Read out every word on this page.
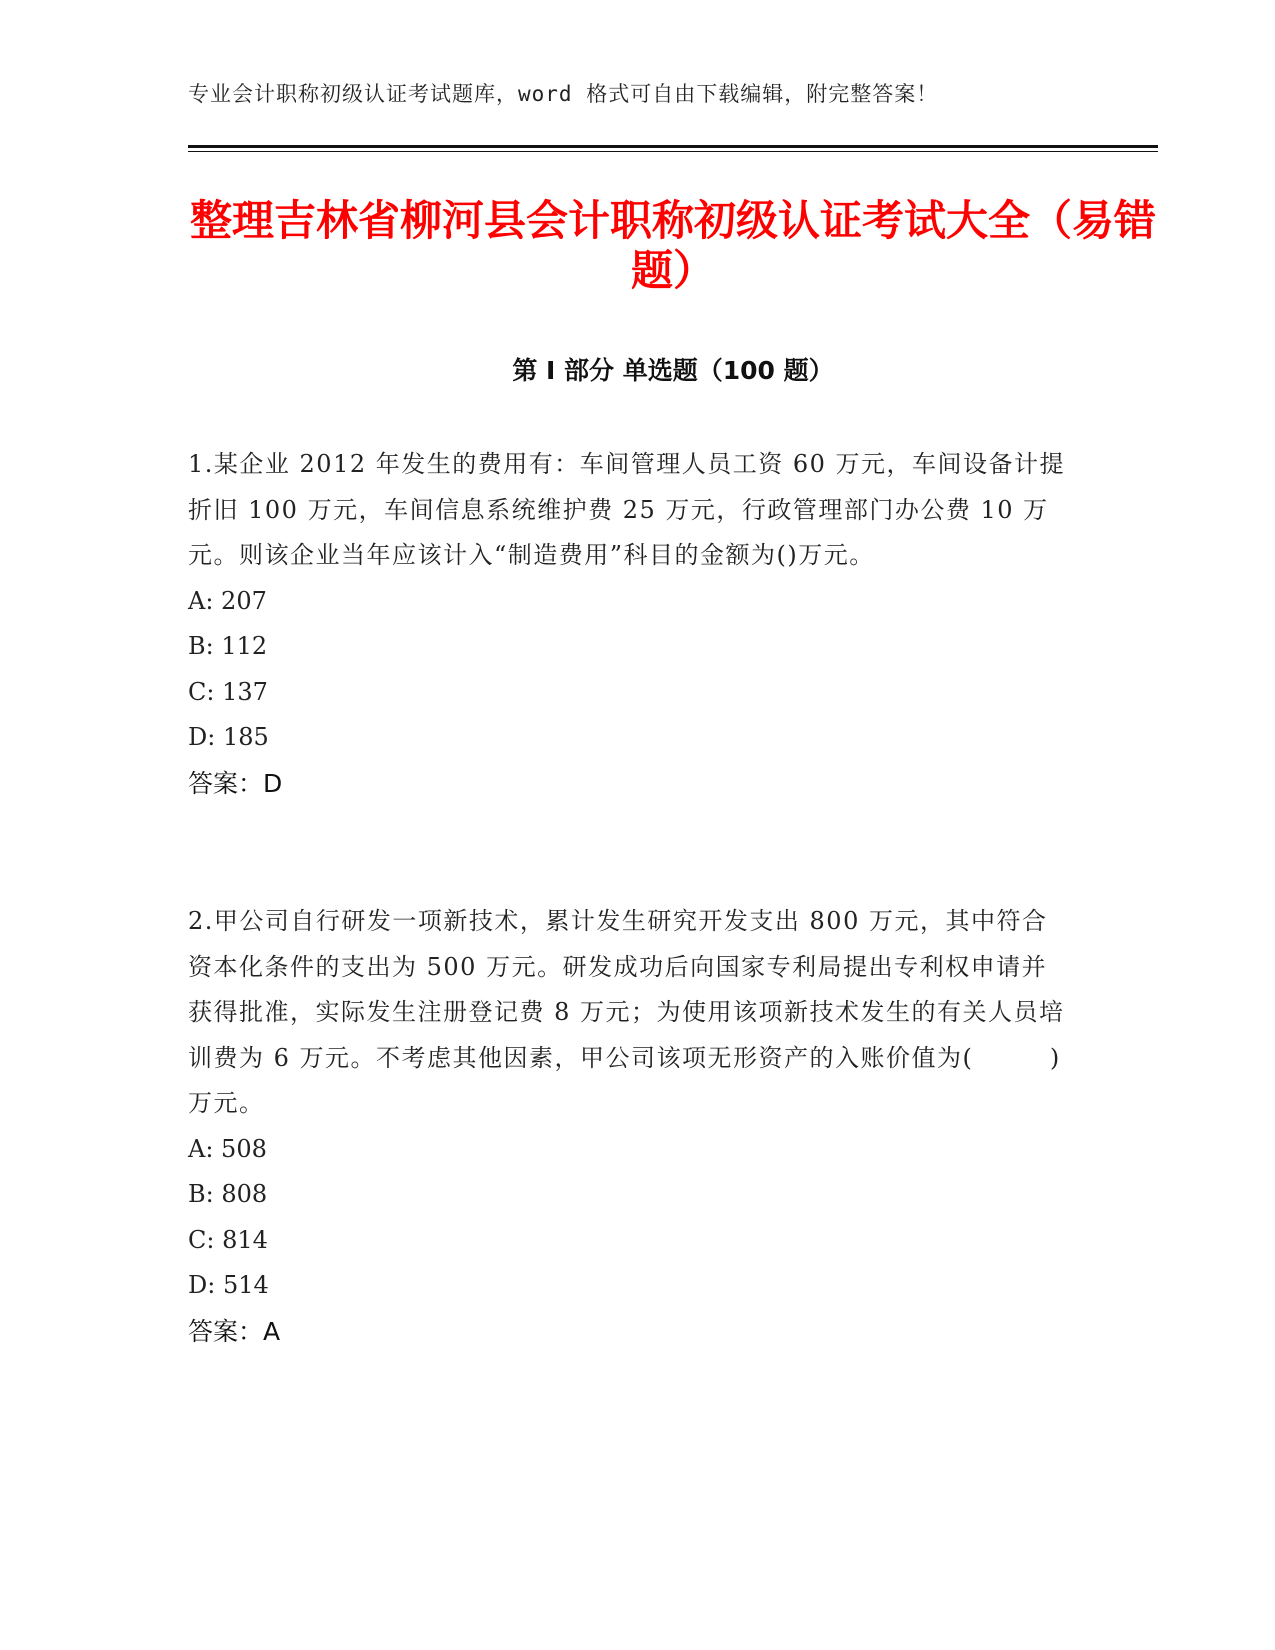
专业会计职称初级认证考试题库，word 格式可自由下载编辑，附完整答案！
整理吉林省柳河县会计职称初级认证考试大全（易错题）
第 I 部分 单选题（100 题）

1.某企业 2012 年发生的费用有：车间管理人员工资 60 万元，车间设备计提折旧 100 万元，车间信息系统维护费 25 万元，行政管理部门办公费 10 万元。则该企业当年应该计入“制造费用”科目的金额为()万元。

A: 207

B: 112

C: 137

D: 185

答案：D

2.甲公司自行研发一项新技术，累计发生研究开发支出 800 万元，其中符合资本化条件的支出为 500 万元。研发成功后向国家专利局提出专利权申请并获得批准，实际发生注册登记费 8 万元；为使用该项新技术发生的有关人员培训费为 6 万元。不考虑其他因素，甲公司该项无形资产的入账价值为(　　　)万元。

A: 508

B: 808

C: 814

D: 514

答案：A
